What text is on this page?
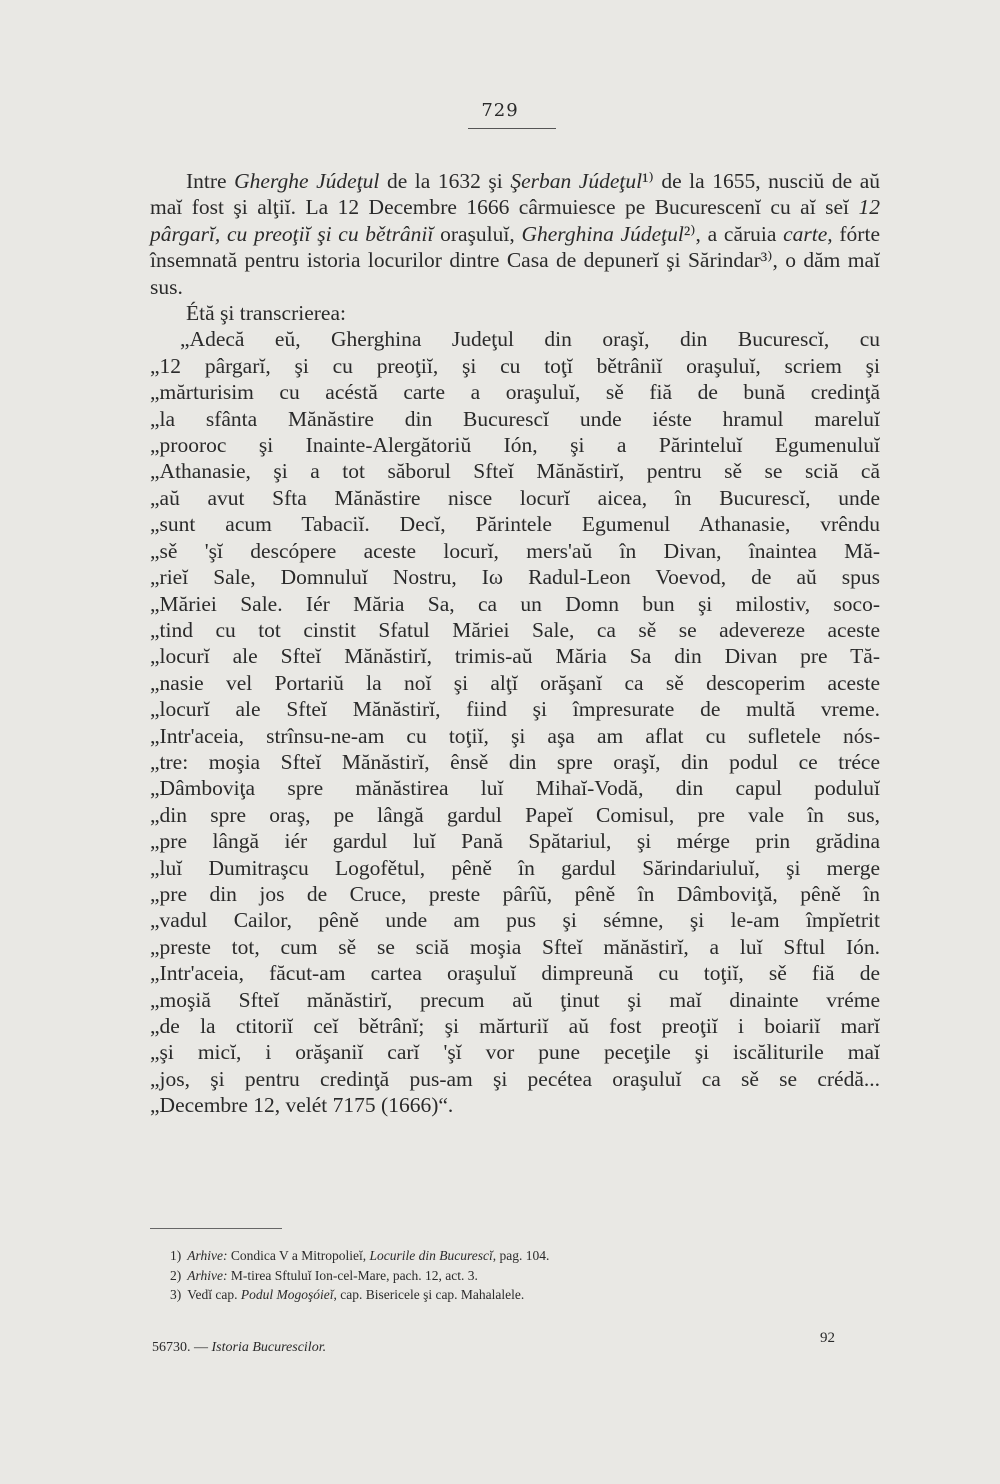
729

Intre Gherghe Júdeţul de la 1632 şi Şerban Júdeţul¹⁾ de la 1655, nusciŭ de aŭ maĭ fost şi alţiĭ. La 12 Decembre 1666 cârmuiesce pe Bucurescenĭ cu aĭ seĭ 12 pârgarĭ, cu preoţiĭ şi cu bětrâniĭ oraşuluĭ, Gherghina Júdeţul²⁾, a căruia carte, fórte însemnată pentru istoria locurilor dintre Casa de depunerĭ şi Sărindar³⁾, o dăm maĭ sus.

Étă şi transcrierea:

„Adecă eŭ, Gherghina Judeţul din oraşĭ, din Bucurescĭ, cu
„12 pârgarĭ, şi cu preoţiĭ, şi cu toţĭ bětrâniĭ oraşuluĭ, scriem şi
„mărturisim cu acéstă carte a oraşuluĭ, sě fiă de bună credinţă
„la sfânta Mănăstire din Bucurescĭ unde iéste hramul mareluĭ
„prooroc şi Inainte-Alergătoriŭ Ión, şi a Părinteluĭ Egumenuluĭ
„Athanasie, şi a tot săborul Sfteĭ Mănăstirĭ, pentru sě se sciă că
„aŭ avut Sfta Mănăstire nisce locurĭ aicea, în Bucurescĭ, unde
„sunt acum Tabaciĭ. Decĭ, Părintele Egumenul Athanasie, vrêndu
„sě 'şĭ descópere aceste locurĭ, mers'aŭ în Divan, înaintea Mă-
„rieĭ Sale, Domnuluĭ Nostru, Iω Radul-Leon Voevod, de aŭ spus
„Măriei Sale. Iér Măria Sa, ca un Domn bun şi milostiv, soco-
„tind cu tot cinstit Sfatul Măriei Sale, ca sě se adevereze aceste
„locurĭ ale Sfteĭ Mănăstirĭ, trimis-aŭ Măria Sa din Divan pre Tă-
„nasie vel Portariŭ la noĭ şi alţĭ orăşanĭ ca sě descoperim aceste
„locurĭ ale Sfteĭ Mănăstirĭ, fiind şi împresurate de multă vreme.
„Intr'aceia, strînsu-ne-am cu toţiĭ, şi aşa am aflat cu sufletele nós-
„tre: moşia Sfteĭ Mănăstirĭ, ênsě din spre oraşĭ, din podul ce tréce
„Dâmboviţa spre mănăstirea luĭ Mihaĭ-Vodă, din capul poduluĭ
„din spre oraş, pe lângă gardul Papeĭ Comisul, pre vale în sus,
„pre lângă iér gardul luĭ Pană Spătariul, şi mérge prin grădina
„luĭ Dumitraşcu Logofětul, pêně în gardul Sărindariuluĭ, şi merge
„pre din jos de Cruce, preste pârîŭ, pêně în Dâmboviţă, pêně în
„vadul Cailor, pêně unde am pus şi sémne, şi le-am împĭetrit
„preste tot, cum sě se sciă moşia Sfteĭ mănăstirĭ, a luĭ Sftul Ión.
„Intr'aceia, făcut-am cartea oraşuluĭ dimpreună cu toţiĭ, sě fiă de
„moşiă Sfteĭ mănăstirĭ, precum aŭ ţinut şi maĭ dinainte vréme
„de la ctitoriĭ ceĭ bětrânĭ; şi mărturiĭ aŭ fost preoţiĭ i boiariĭ marĭ
„şi micĭ, i orăşaniĭ carĭ 'şĭ vor pune peceţile şi iscăliturile maĭ
„jos, şi pentru credinţă pus-am şi pecétea oraşuluĭ ca sě se crédă...
„Decembre 12, velét 7175 (1666)“.
1) Arhive: Condica V a Mitropolieĭ, Locurile din Bucurescĭ, pag. 104.
2) Arhive: M-tirea Sftuluĭ Ion-cel-Mare, pach. 12, act. 3.
3) Vedĭ cap. Podul Mogoşóieĭ, cap. Bisericele şi cap. Mahalalele.
56730. — Istoria Bucurescilor.
92
